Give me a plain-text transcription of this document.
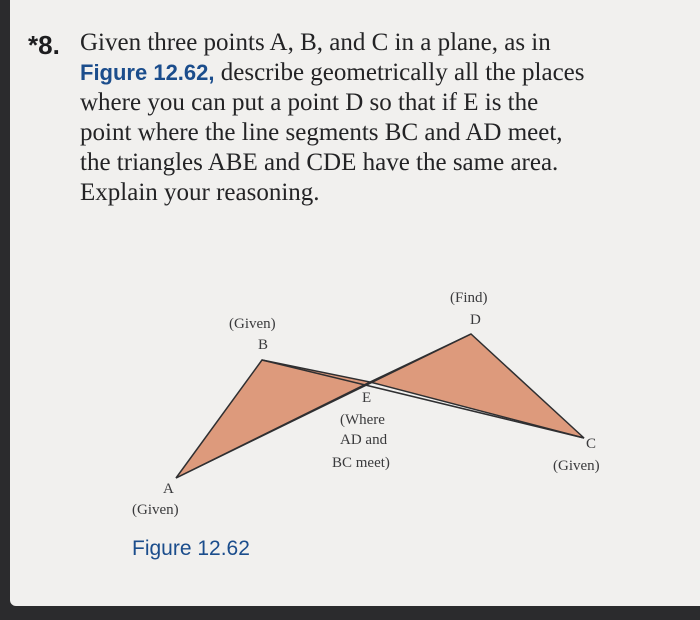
*8. Given three points A, B, and C in a plane, as in
Figure 12.62, describe geometrically all the places
where you can put a point D so that if E is the
point where the line segments BC and AD meet,
the triangles ABE and CDE have the same area.
Explain your reasoning.
(Given)
B
(Find)
D
E
(Where
AD and
BC meet)
C
(Given)
A
(Given)
Figure 12.62
